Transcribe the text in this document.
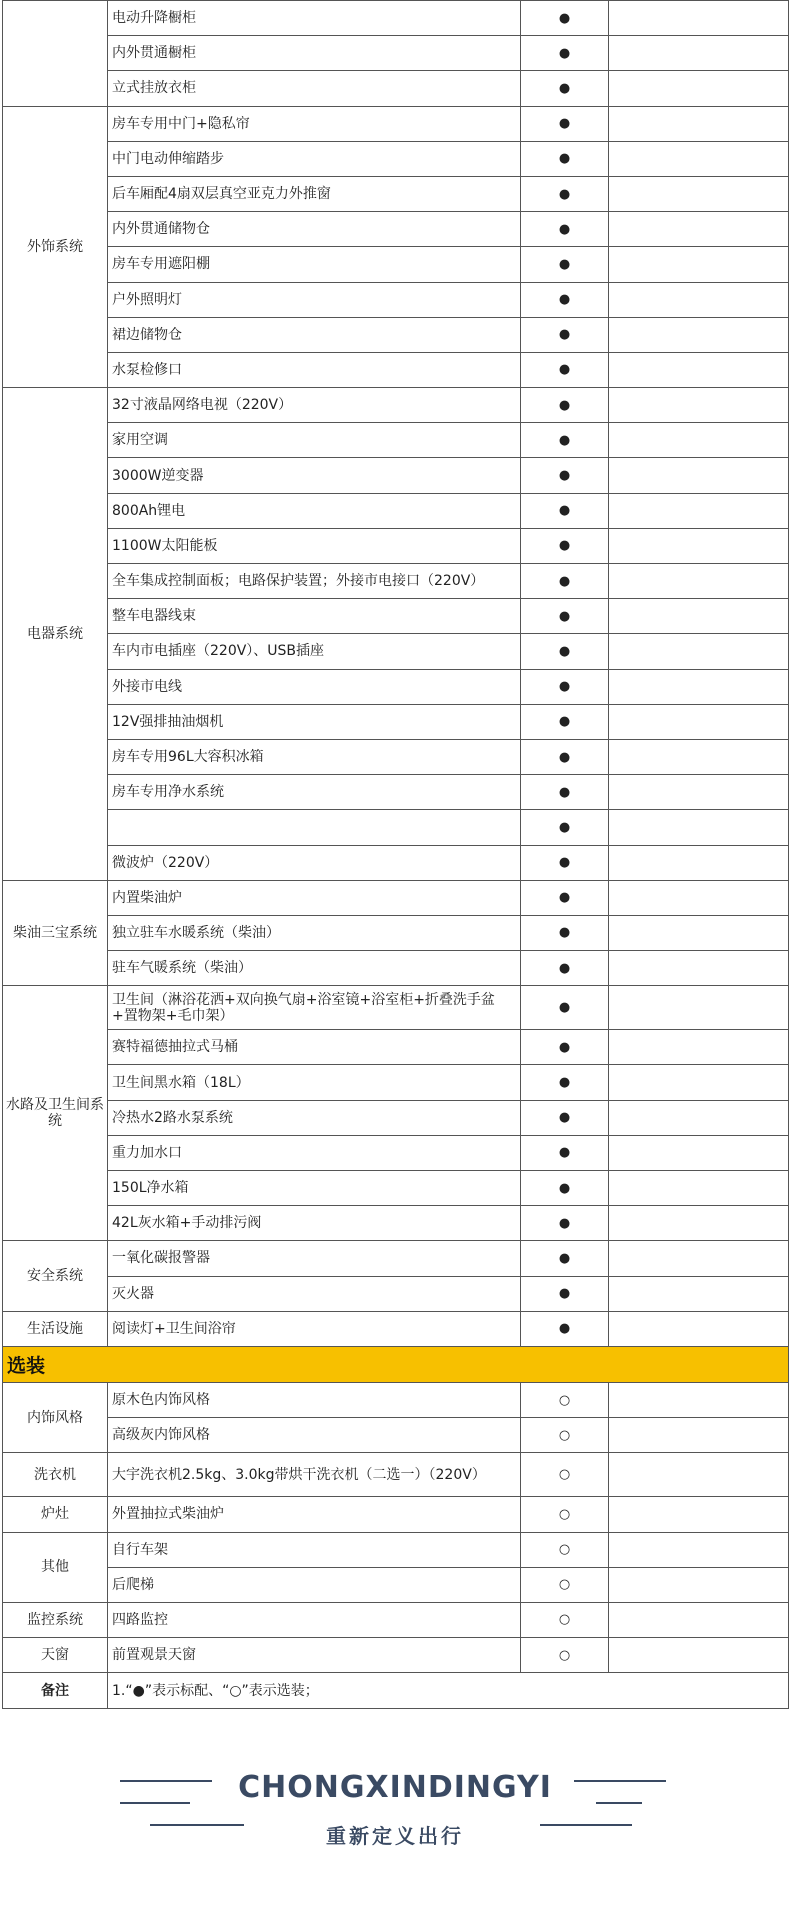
	电动升降橱柜	●	
	内外贯通橱柜	●	
	立式挂放衣柜	●	
外饰系统	房车专用中门+隐私帘	●	
	中门电动伸缩踏步	●	
	后车厢配4扇双层真空亚克力外推窗	●	
	内外贯通储物仓	●	
	房车专用遮阳棚	●	
	户外照明灯	●	
	裙边储物仓	●	
	水泵检修口	●	
电器系统	32寸液晶网络电视（220V）	●	
	家用空调	●	
	3000W逆变器	●	
	800Ah锂电	●	
	1100W太阳能板	●	
	全车集成控制面板；电路保护装置；外接市电接口（220V）	●	
	整车电器线束	●	
	车内市电插座（220V）、USB插座	●	
	外接市电线	●	
	12V强排抽油烟机	●	
	房车专用96L大容积冰箱	●	
	房车专用净水系统	●	
		●	
	微波炉（220V）	●	
柴油三宝系统	内置柴油炉	●	
	独立驻车水暖系统（柴油）	●	
	驻车气暖系统（柴油）	●	
水路及卫生间系统	卫生间（淋浴花洒+双向换气扇+浴室镜+浴室柜+折叠洗手盆+置物架+毛巾架）	●	
	赛特福德抽拉式马桶	●	
	卫生间黑水箱（18L）	●	
	冷热水2路水泵系统	●	
	重力加水口	●	
	150L净水箱	●	
	42L灰水箱+手动排污阀	●	
安全系统	一氧化碳报警器	●	
	灭火器	●	
生活设施	阅读灯+卫生间浴帘	●	
选装			
内饰风格	原木色内饰风格	○	
	高级灰内饰风格	○	
洗衣机	大宇洗衣机2.5kg、3.0kg带烘干洗衣机（二选一）（220V）	○	
炉灶	外置抽拉式柴油炉	○	
其他	自行车架	○	
	后爬梯	○	
监控系统	四路监控	○	
天窗	前置观景天窗	○	
备注	1.“●”表示标配、“○”表示选装；		
CHONGXINDINGYI
重新定义出行
